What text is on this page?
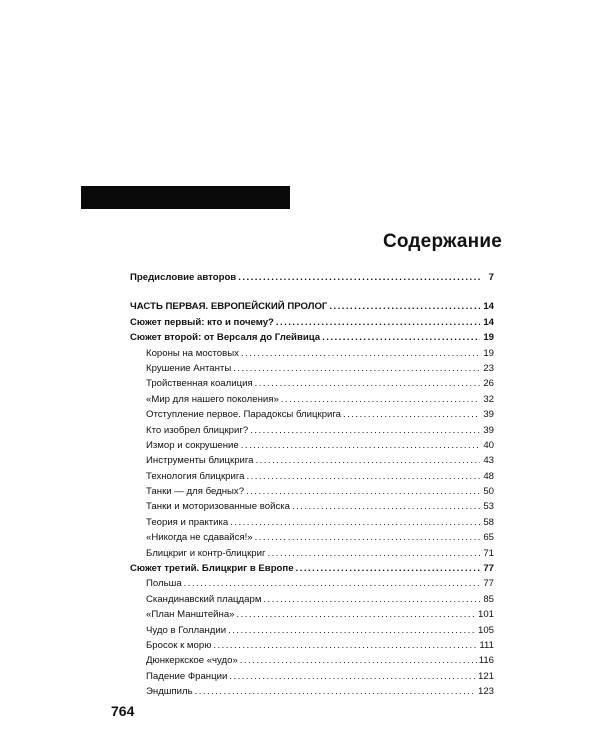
Содержание
Предисловие авторов . . .	7
ЧАСТЬ ПЕРВАЯ. ЕВРОПЕЙСКИЙ ПРОЛОГ . . .	14
Сюжет первый: кто и почему? . . .	14
Сюжет второй: от Версаля до Глейвица . . .	19
Короны на мостовых . . .	19
Крушение Антанты . . .	23
Тройственная коалиция . . .	26
«Мир для нашего поколения» . . .	32
Отступление первое. Парадоксы блицкрига . . .	39
Кто изобрел блицкриг? . . .	39
Измор и сокрушение . . .	40
Инструменты блицкрига . . .	43
Технология блицкрига . . .	48
Танки — для бедных? . . .	50
Танки и моторизованные войска . . .	53
Теория и практика . . .	58
«Никогда не сдавайся!» . . .	65
Блицкриг и контр-блицкриг . . .	71
Сюжет третий. Блицкриг в Европе . . .	77
Польша . . .	77
Скандинавский плацдарм . . .	85
«План Манштейна» . . .	101
Чудо в Голландии . . .	105
Бросок к морю . . .	111
Дюнкеркское «чудо» . . .	116
Падение Франции . . .	121
Эндшпиль . . .	123
764
